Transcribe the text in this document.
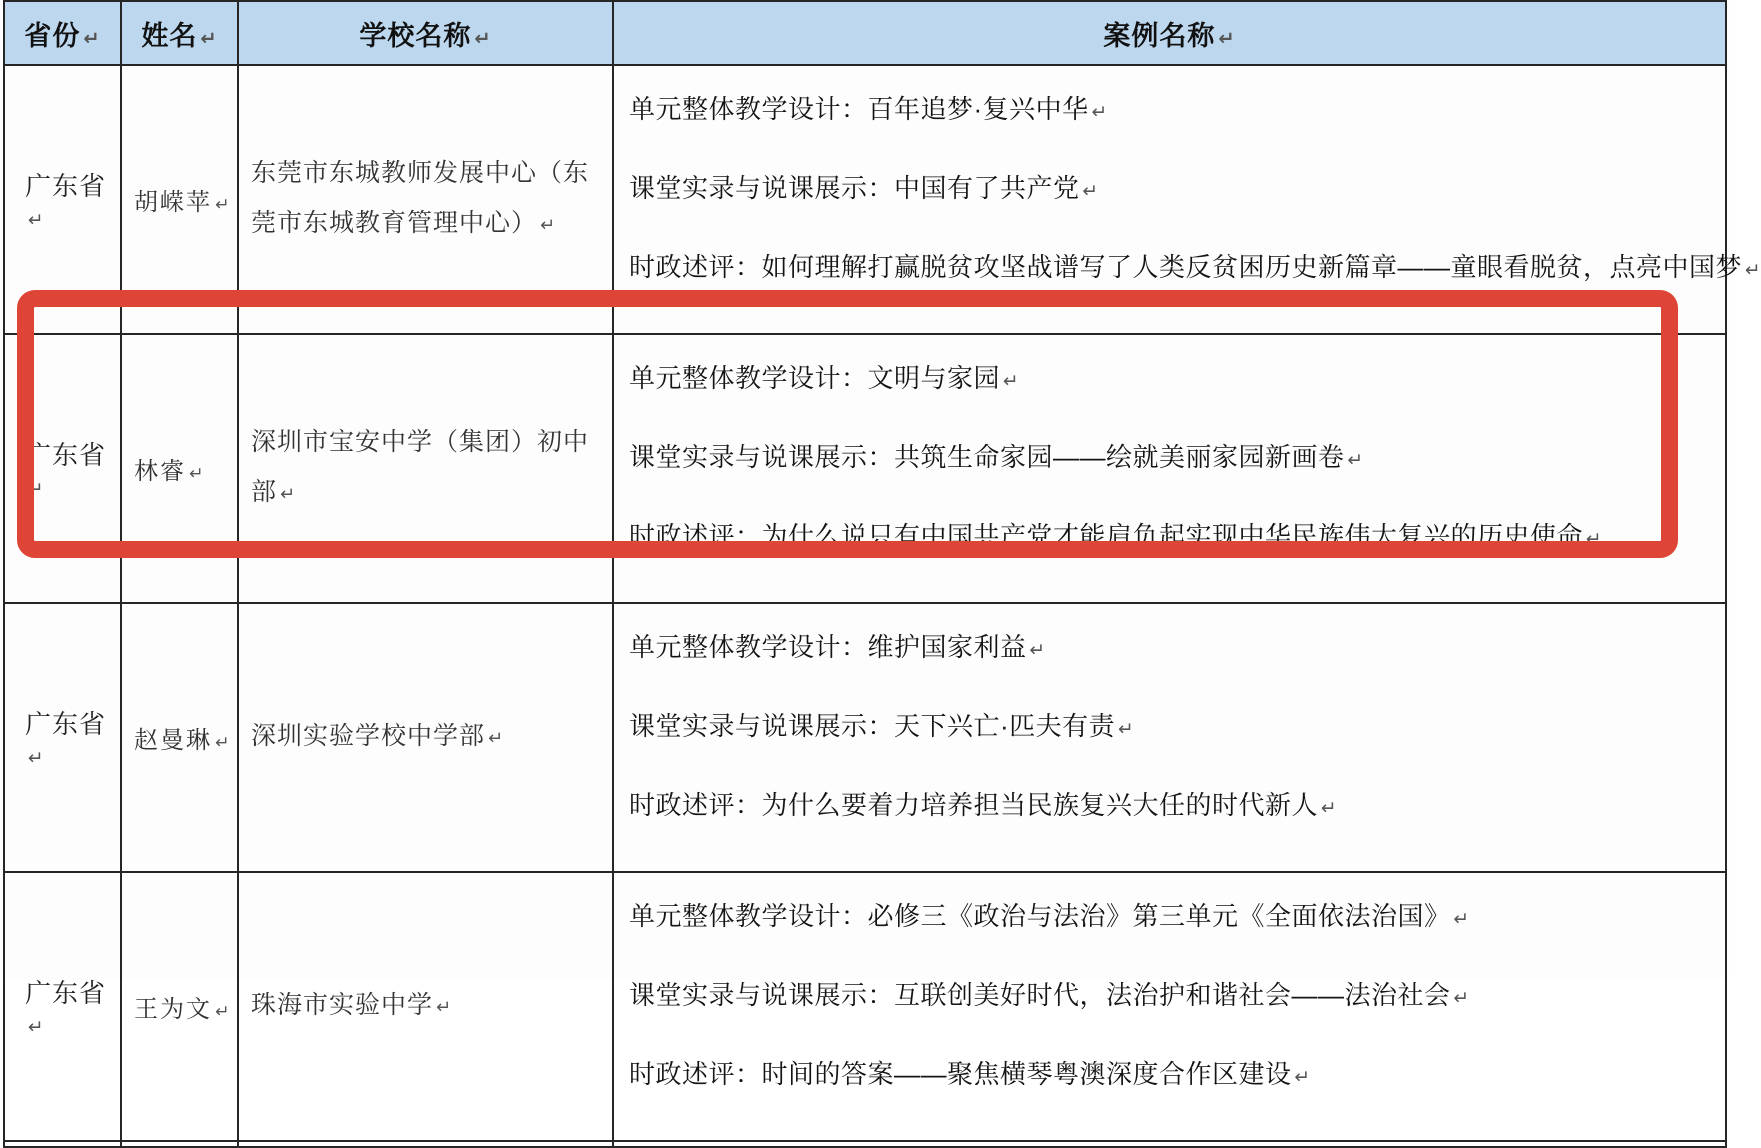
省份 ↵	姓名 ↵	学校名称 ↵	案例名称 ↵
广东省↵	胡嵘苹 ↵	东莞市东城教师发展中心（东莞市东城教育管理中心） ↵	单元整体教学设计：百年追梦·复兴中华 ↵

课堂实录与说课展示：中国有了共产党 ↵

时政述评：如何理解打赢脱贫攻坚战谱写了人类反贫困历史新篇章——童眼看脱贫，点亮中国梦 ↵

广东省↵	林睿 ↵	深圳市宝安中学（集团）初中部 ↵	单元整体教学设计：文明与家园 ↵

课堂实录与说课展示：共筑生命家园——绘就美丽家园新画卷 ↵

时政述评：为什么说只有中国共产党才能肩负起实现中华民族伟大复兴的历史使命 ↵

广东省↵	赵曼琳 ↵	深圳实验学校中学部 ↵	单元整体教学设计：维护国家利益 ↵

课堂实录与说课展示：天下兴亡·匹夫有责 ↵

时政述评：为什么要着力培养担当民族复兴大任的时代新人 ↵

广东省↵	王为文 ↵	珠海市实验中学 ↵	单元整体教学设计：必修三《政治与法治》第三单元《全面依法治国》 ↵

课堂实录与说课展示：互联创美好时代，法治护和谐社会——法治社会 ↵

时政述评：时间的答案——聚焦横琴粤澳深度合作区建设 ↵
